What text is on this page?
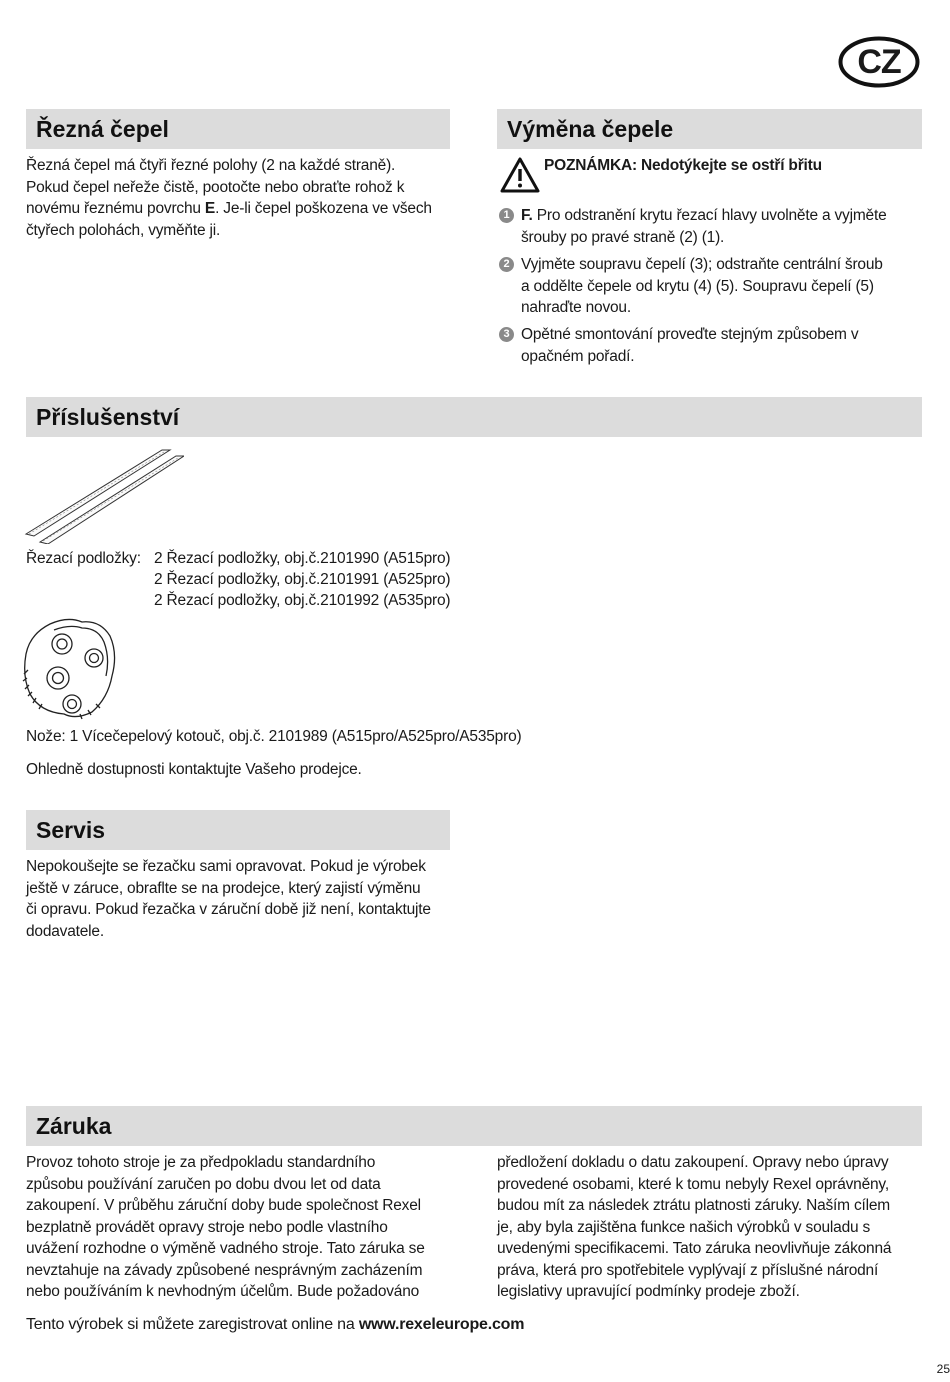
CZ
Řezná čepel
Řezná čepel má čtyři řezné polohy (2 na každé straně).
Pokud čepel neřeže čistě, pootočte nebo obraťte rohož k
novému řeznému povrchu E. Je-li čepel poškozena ve všech
čtyřech polohách, vyměňte ji.
Výměna čepele
POZNÁMKA: Nedotýkejte se ostří břitu
1 F. Pro odstranění krytu řezací hlavy uvolněte a vyjměte
šrouby po pravé straně (2) (1).
2 Vyjměte soupravu čepelí (3); odstraňte centrální šroub
a oddělte čepele od krytu (4) (5). Soupravu čepelí (5)
nahraďte novou.
3 Opětné smontování proveďte stejným způsobem v
opačném pořadí.
Příslušenství
Řezací podložky: 2 Řezací podložky, obj.č.2101990 (A515pro)
2 Řezací podložky, obj.č.2101991 (A525pro)
2 Řezací podložky, obj.č.2101992 (A535pro)
Nože: 1 Vícečepelový kotouč, obj.č. 2101989 (A515pro/A525pro/A535pro)
Ohledně dostupnosti kontaktujte Vašeho prodejce.
Servis
Nepokoušejte se řezačku sami opravovat. Pokud je výrobek
ještě v záruce, obraflte se na prodejce, který zajistí výměnu
či opravu. Pokud řezačka v záruční době již není, kontaktujte
dodavatele.
Záruka
Provoz tohoto stroje je za předpokladu standardního
způsobu používání zaručen po dobu dvou let od data
zakoupení. V průběhu záruční doby bude společnost Rexel
bezplatně provádět opravy stroje nebo podle vlastního
uvážení rozhodne o výměně vadného stroje. Tato záruka se
nevztahuje na závady způsobené nesprávným zacházením
nebo používáním k nevhodným účelům. Bude požadováno
předložení dokladu o datu zakoupení. Opravy nebo úpravy
provedené osobami, které k tomu nebyly Rexel oprávněny,
budou mít za následek ztrátu platnosti záruky. Naším cílem
je, aby byla zajištěna funkce našich výrobků v souladu s
uvedenými specifikacemi. Tato záruka neovlivňuje zákonná
práva, která pro spotřebitele vyplývají z příslušné národní
legislativy upravující podmínky prodeje zboží.
Tento výrobek si můžete zaregistrovat online na www.rexeleurope.com
25
